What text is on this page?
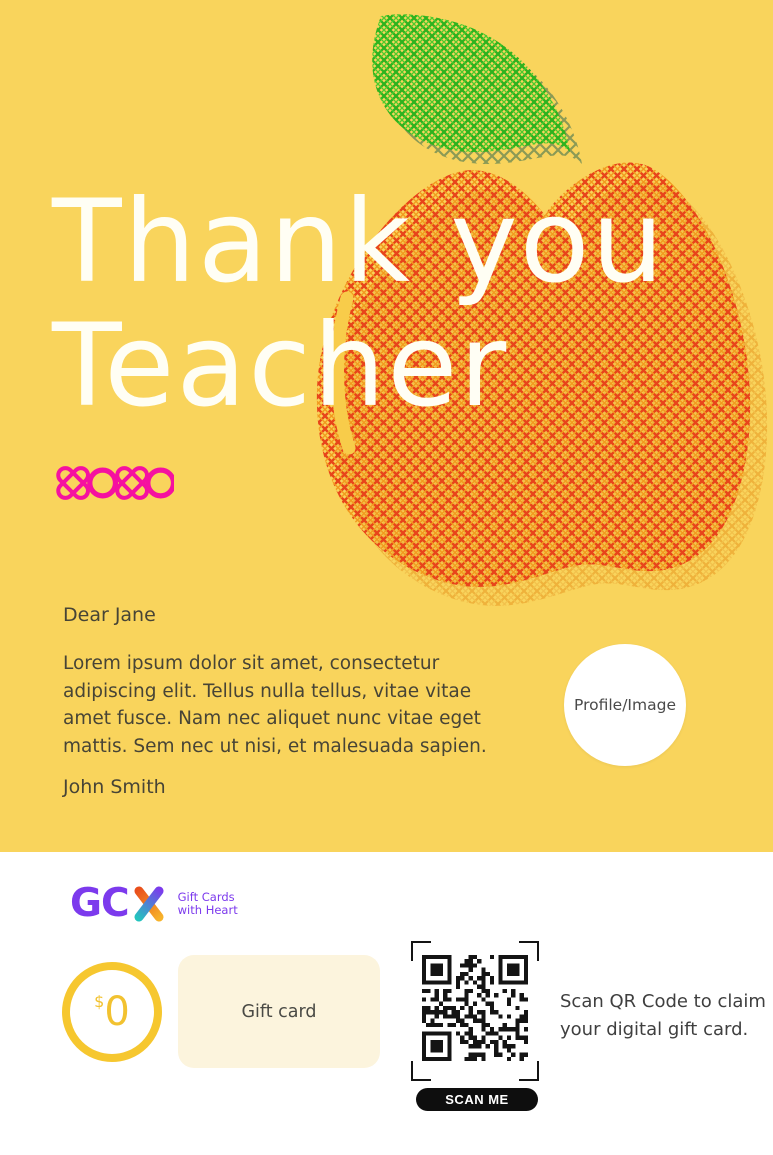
Thank you
Teacher
Dear Jane
Lorem ipsum dolor sit amet, consectetur
adipiscing elit. Tellus nulla tellus, vitae vitae
amet fusce. Nam nec aliquet nunc vitae eget
mattis. Sem nec ut nisi, et malesuada sapien.
John Smith
Profile/Image
GC	Gift Cards
with Heart
$ 0	Gift card
SCAN ME
Scan QR Code to claim
your digital gift card.
